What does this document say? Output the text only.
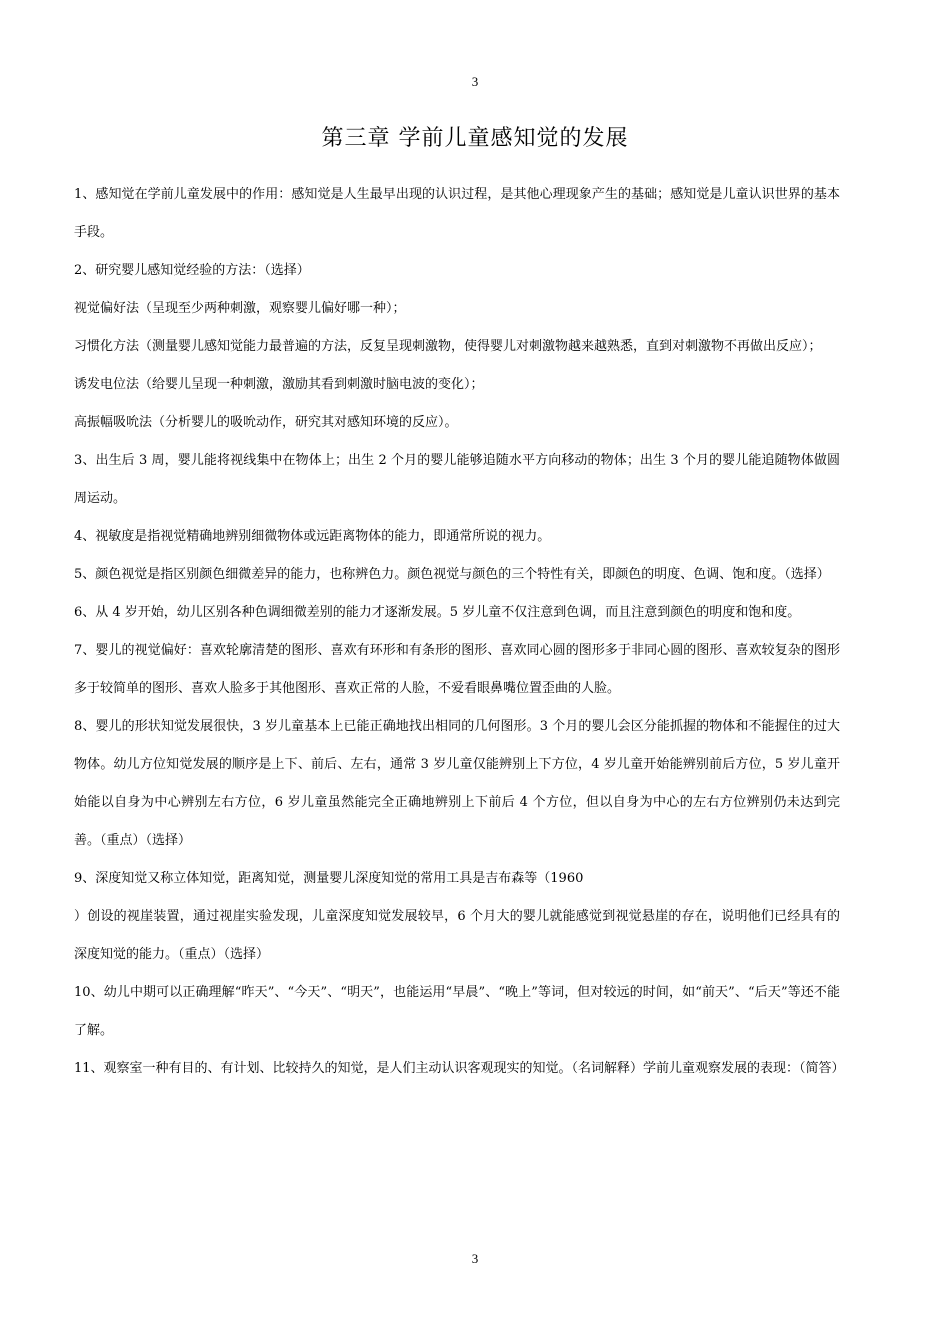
3
第三章 学前儿童感知觉的发展

1、感知觉在学前儿童发展中的作用：感知觉是人生最早出现的认识过程，是其他心理现象产生的基础；感知觉是儿童认识世界的基本手段。

2、研究婴儿感知觉经验的方法：（选择）

视觉偏好法（呈现至少两种刺激，观察婴儿偏好哪一种）；

习惯化方法（测量婴儿感知觉能力最普遍的方法，反复呈现刺激物，使得婴儿对刺激物越来越熟悉，直到对刺激物不再做出反应）；

诱发电位法（给婴儿呈现一种刺激，激励其看到刺激时脑电波的变化）；

高振幅吸吮法（分析婴儿的吸吮动作，研究其对感知环境的反应）。

3、出生后 3 周，婴儿能将视线集中在物体上；出生 2 个月的婴儿能够追随水平方向移动的物体；出生 3 个月的婴儿能追随物体做圆周运动。

4、视敏度是指视觉精确地辨别细微物体或远距离物体的能力，即通常所说的视力。

5、颜色视觉是指区别颜色细微差异的能力，也称辨色力。颜色视觉与颜色的三个特性有关，即颜色的明度、色调、饱和度。（选择）

6、从 4 岁开始，幼儿区别各种色调细微差别的能力才逐渐发展。5 岁儿童不仅注意到色调，而且注意到颜色的明度和饱和度。

7、婴儿的视觉偏好：喜欢轮廓清楚的图形、喜欢有环形和有条形的图形、喜欢同心圆的图形多于非同心圆的图形、喜欢较复杂的图形多于较简单的图形、喜欢人脸多于其他图形、喜欢正常的人脸，不爱看眼鼻嘴位置歪曲的人脸。

8、婴儿的形状知觉发展很快，3 岁儿童基本上已能正确地找出相同的几何图形。3 个月的婴儿会区分能抓握的物体和不能握住的过大物体。幼儿方位知觉发展的顺序是上下、前后、左右，通常 3 岁儿童仅能辨别上下方位，4 岁儿童开始能辨别前后方位，5 岁儿童开始能以自身为中心辨别左右方位，6 岁儿童虽然能完全正确地辨别上下前后 4 个方位，但以自身为中心的左右方位辨别仍未达到完善。（重点）（选择）

9、深度知觉又称立体知觉，距离知觉，测量婴儿深度知觉的常用工具是吉布森等（1960

）创设的视崖装置，通过视崖实验发现，儿童深度知觉发展较早，6 个月大的婴儿就能感觉到视觉悬崖的存在，说明他们已经具有的深度知觉的能力。（重点）（选择）

10、幼儿中期可以正确理解“昨天”、“今天”、“明天”，也能运用“早晨”、“晚上”等词，但对较远的时间，如“前天”、“后天”等还不能了解。

11、观察室一种有目的、有计划、比较持久的知觉，是人们主动认识客观现实的知觉。（名词解释）学前儿童观察发展的表现：（简答）

3
